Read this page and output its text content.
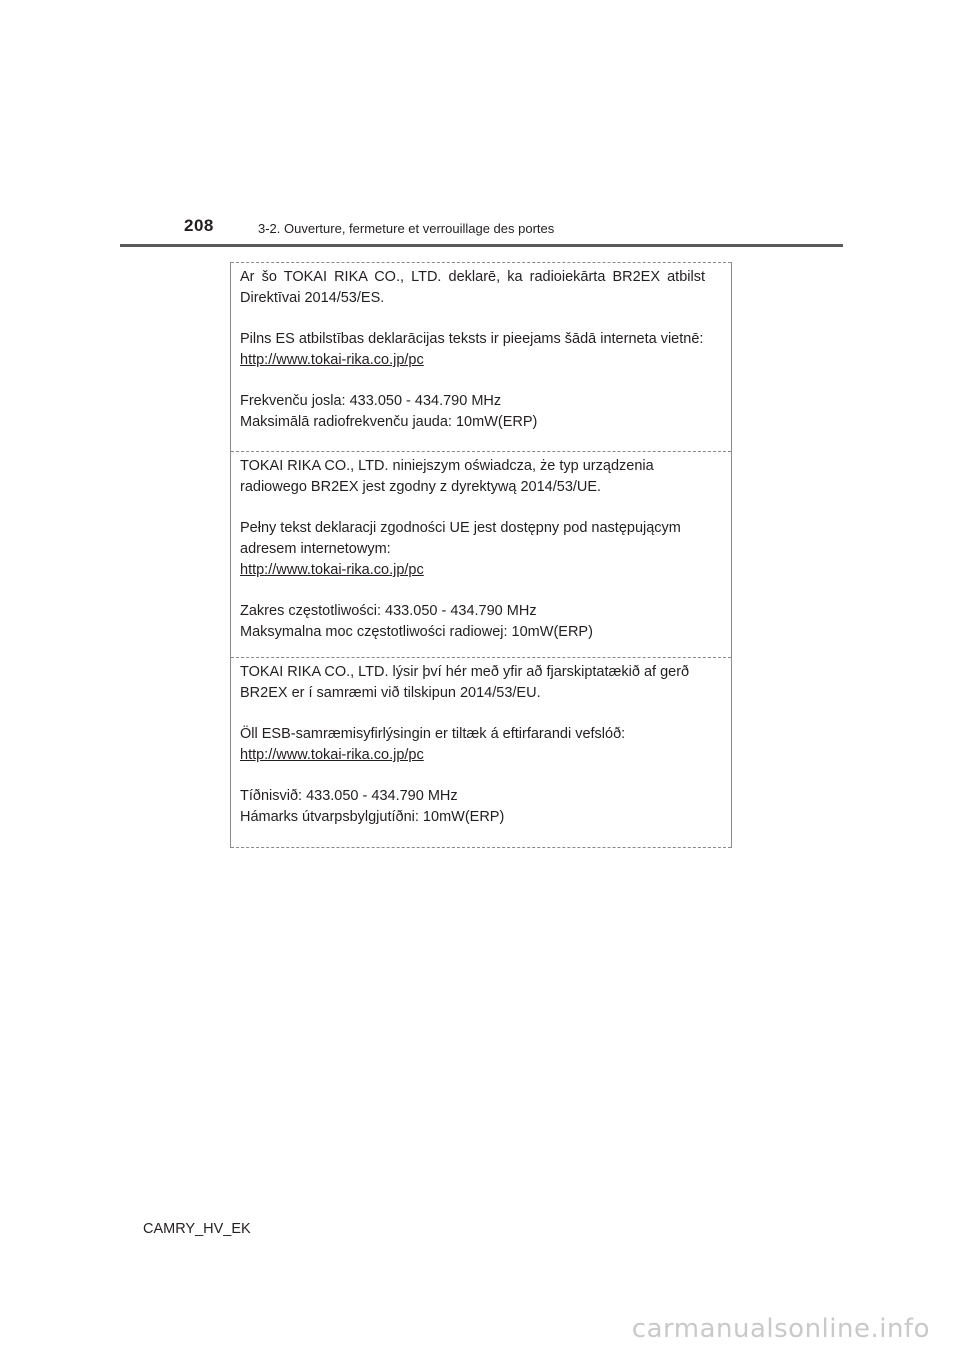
208	3-2. Ouverture, fermeture et verrouillage des portes

Ar šo TOKAI RIKA CO., LTD. deklarē, ka radioiekārta BR2EX atbilst Direktīvai 2014/53/ES.

Pilns ES atbilstības deklarācijas teksts ir pieejams šādā interneta vietnē:
http://www.tokai-rika.co.jp/pc

Frekvenču josla: 433.050 - 434.790 MHz
Maksimālā radiofrekvenču jauda: 10mW(ERP)

TOKAI RIKA CO., LTD. niniejszym oświadcza, że typ urządzenia radiowego BR2EX jest zgodny z dyrektywą 2014/53/UE.

Pełny tekst deklaracji zgodności UE jest dostępny pod następującym adresem internetowym:
http://www.tokai-rika.co.jp/pc

Zakres częstotliwości: 433.050 - 434.790 MHz
Maksymalna moc częstotliwości radiowej: 10mW(ERP)

TOKAI RIKA CO., LTD. lýsir því hér með yfir að fjarskiptatækið af gerð BR2EX er í samræmi við tilskipun 2014/53/EU.

Öll ESB-samræmisyfirlýsingin er tiltæk á eftirfarandi vefslóð:
http://www.tokai-rika.co.jp/pc

Tíðnisvið: 433.050 - 434.790 MHz
Hámarks útvarpsbylgjutíðni: 10mW(ERP)

CAMRY_HV_EK
carmanualsonline.info
